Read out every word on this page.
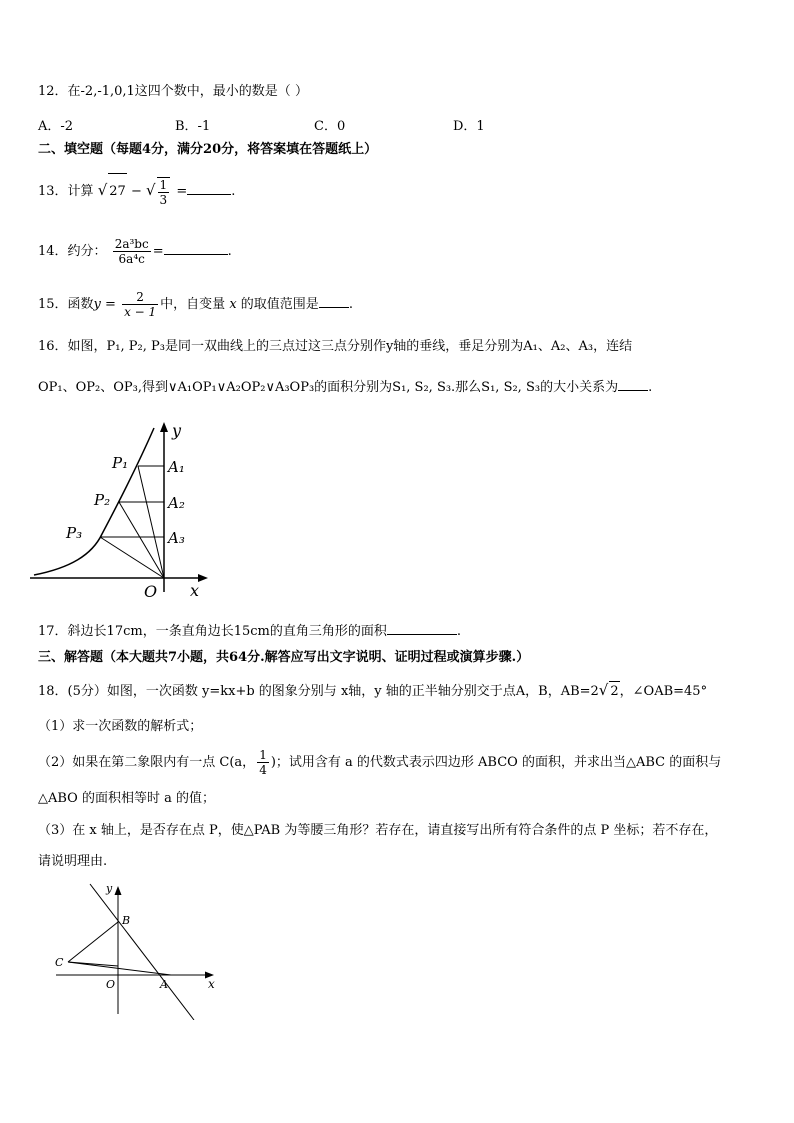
12．在-2,-1,0,1这四个数中，最小的数是（ ）
A．-2	B．-1	C．0	D．1
二、填空题（每题4分，满分20分，将答案填在答题纸上）
13．计算 √ 27 − √ $\frac{1}{3}$ =	.
14．约分： $\frac{\text{2a³bc}}{\text{6a⁴c}}$ =	.
15．函数$y = \frac{2}{x - 1}$ 中，自变量 x 的取值范围是 .
16．如图，P₁, P₂, P₃是同一双曲线上的三点过这三点分别作y轴的垂线，垂足分别为A₁、A₂、A₃，连结
OP₁、OP₂、OP₃,得到∨A₁OP₁∨A₂OP₂∨A₃OP₃的面积分别为S₁, S₂, S₃.那么S₁, S₂, S₃的大小关系为 .
y
x
O
P₁
P₂
P₃
A₁
A₂
A₃
17．斜边长17cm，一条直角边长15cm的直角三角形的面积	.
三、解答题（本大题共7小题，共64分.解答应写出文字说明、证明过程或演算步骤.）
18．(5分）如图，一次函数 y=kx+b 的图象分别与 x轴，y 轴的正半轴分别交于点A，B，AB=2√ 2，∠OAB=45°
（1）求一次函数的解析式；
（2）如果在第二象限内有一点 C(a， $\frac{1}{4}$ )；试用含有 a 的代数式表示四边形 ABCO 的面积，并求出当△ABC 的面积与
△ABO 的面积相等时 a 的值；
（3）在 x 轴上，是否存在点 P，使△PAB 为等腰三角形？若存在，请直接写出所有符合条件的点 P 坐标；若不存在，
请说明理由.
y
x
O	A
B
C
